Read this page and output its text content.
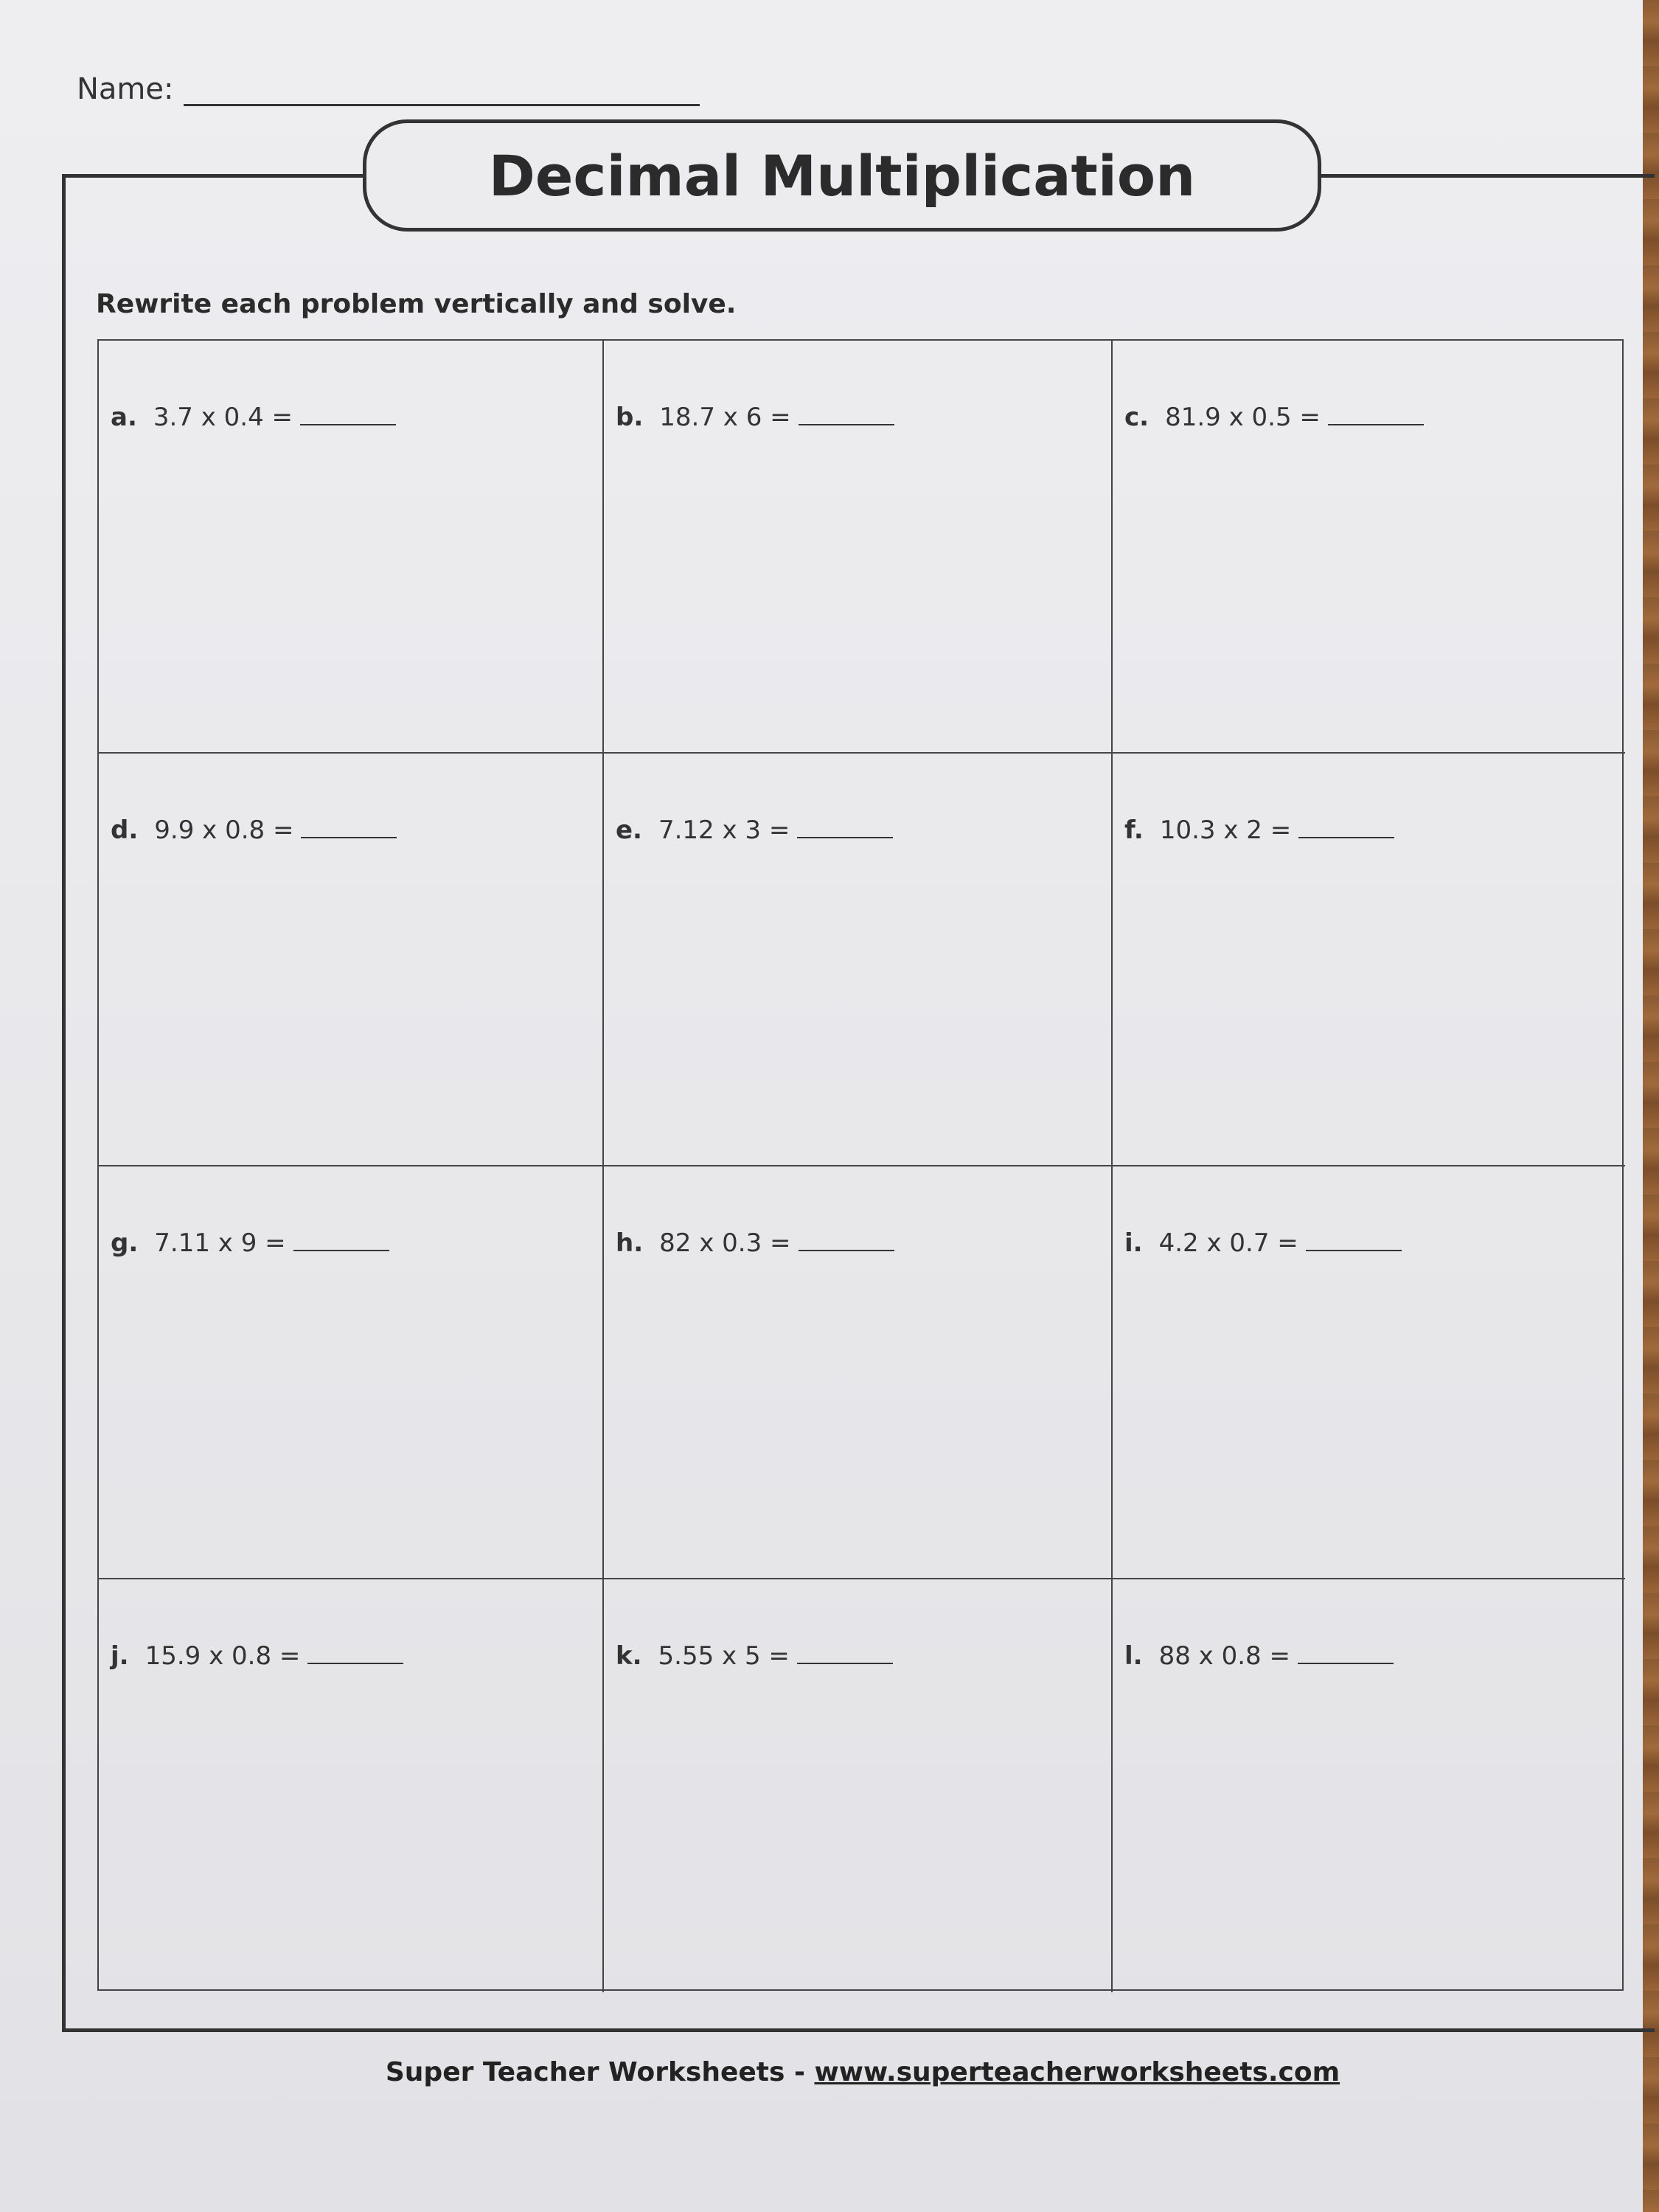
Name:
Decimal Multiplication
Rewrite each problem vertically and solve.
a. 3.7 x 0.4 =	b. 18.7 x 6 =	c. 81.9 x 0.5 =
d. 9.9 x 0.8 =	e. 7.12 x 3 =	f. 10.3 x 2 =
g. 7.11 x 9 =	h. 82 x 0.3 =	i. 4.2 x 0.7 =
j. 15.9 x 0.8 =	k. 5.55 x 5 =	l. 88 x 0.8 =
Super Teacher Worksheets - www.superteacherworksheets.com
